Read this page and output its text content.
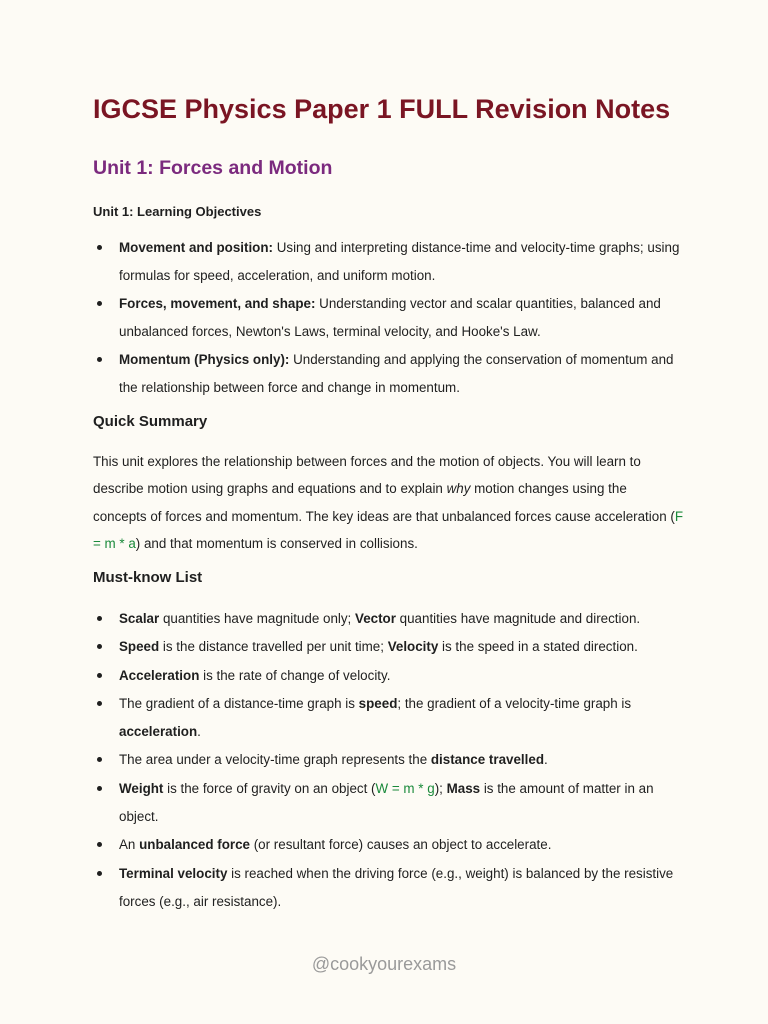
IGCSE Physics Paper 1 FULL Revision Notes
Unit 1: Forces and Motion
Unit 1: Learning Objectives
Movement and position: Using and interpreting distance-time and velocity-time graphs; using formulas for speed, acceleration, and uniform motion.
Forces, movement, and shape: Understanding vector and scalar quantities, balanced and unbalanced forces, Newton's Laws, terminal velocity, and Hooke's Law.
Momentum (Physics only): Understanding and applying the conservation of momentum and the relationship between force and change in momentum.
Quick Summary

This unit explores the relationship between forces and the motion of objects. You will learn to describe motion using graphs and equations and to explain why motion changes using the concepts of forces and momentum. The key ideas are that unbalanced forces cause acceleration (F = m * a) and that momentum is conserved in collisions.

Must-know List
Scalar quantities have magnitude only; Vector quantities have magnitude and direction.
Speed is the distance travelled per unit time; Velocity is the speed in a stated direction.
Acceleration is the rate of change of velocity.
The gradient of a distance-time graph is speed; the gradient of a velocity-time graph is acceleration.
The area under a velocity-time graph represents the distance travelled.
Weight is the force of gravity on an object (W = m * g); Mass is the amount of matter in an object.
An unbalanced force (or resultant force) causes an object to accelerate.
Terminal velocity is reached when the driving force (e.g., weight) is balanced by the resistive forces (e.g., air resistance).
@cookyourexams
